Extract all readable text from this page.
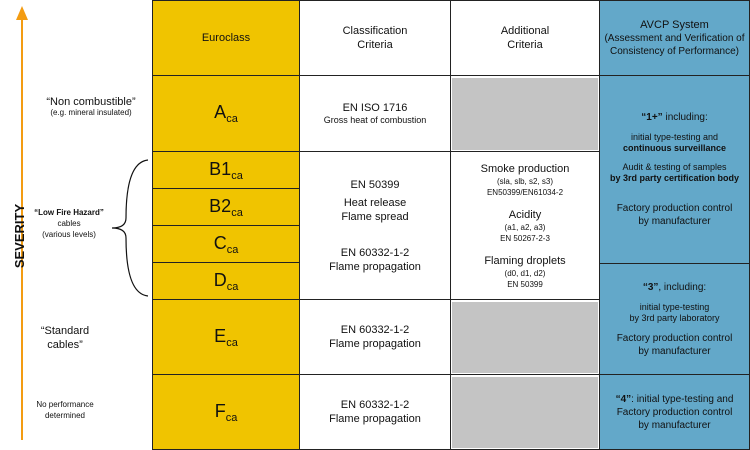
SEVERITY
“Non combustible”
(e.g. mineral insulated)
“Low Fire Hazard” cables
(various levels)
“Standard
cables”
No performance
determined
Euroclass
Classification
Criteria
Additional
Criteria
AVCP System
(Assessment and Verification of
Consistency of Performance)
$A_{ca}$
$B1_{ca}$
$B2_{ca}$
$C_{ca}$
$D_{ca}$
$E_{ca}$
$F_{ca}$
EN ISO 1716
Gross heat of combustion
EN 50399
Heat release
Flame spread
EN 60332-1-2
Flame propagation
EN 60332-1-2
Flame propagation
EN 60332-1-2
Flame propagation
Smoke production
(sla, slb, s2, s3)
EN50399/EN61034-2
Acidity
(a1, a2, a3)
EN 50267-2-3
Flaming droplets
(d0, d1, d2)
EN 50399
“1+” including:
initial type-testing and
continuous surveillance
Audit & testing of samples
by 3rd party certification body
Factory production control
by manufacturer
“3”, including:
initial type-testing
by 3rd party laboratory
Factory production control
by manufacturer
“4”: initial type-testing and
Factory production control
by manufacturer
